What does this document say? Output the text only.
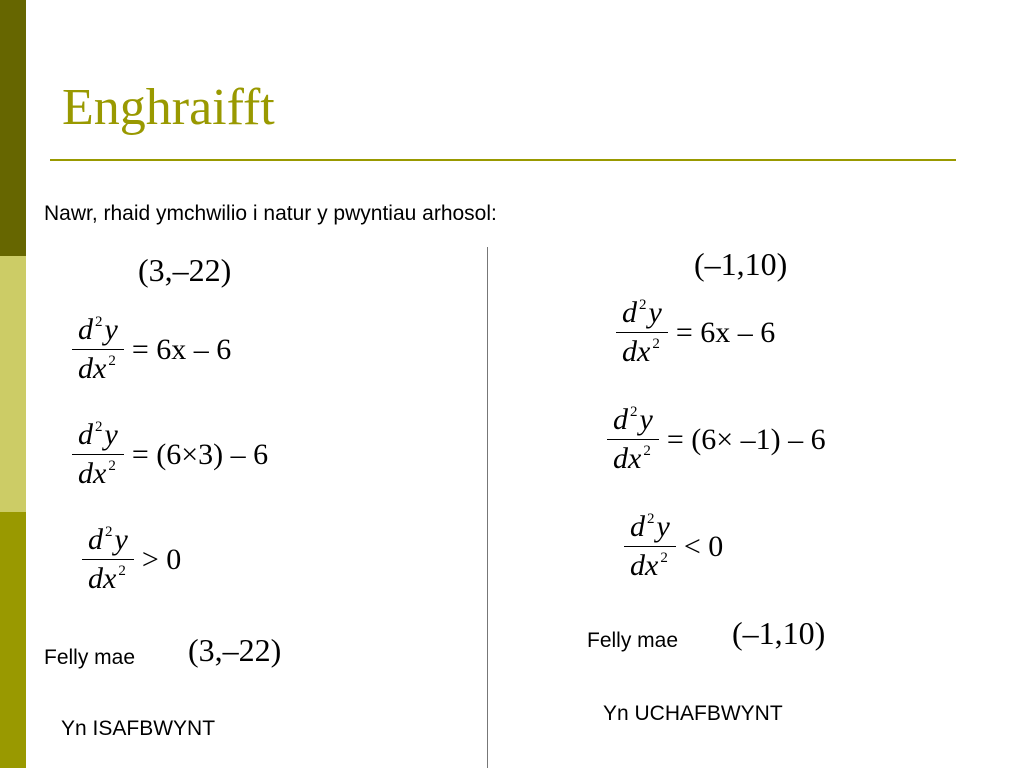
Enghraifft
Nawr, rhaid ymchwilio i natur y pwyntiau arhosol:
(3,–22)
$\frac{d ^2y}{dx ^2} = 6x - 6$
$\frac{d ^2y}{dx ^2} = (6\times 3) - 6$
$\frac{d ^2y}{dx ^2} > 0$
Felly mae (3,–22)
Yn ISAFBWYNT
(–1,10)
$\frac{d ^2y}{dx ^2} = 6x - 6$
$\frac{d ^2y}{dx ^2} = (6\times -1) - 6$
$\frac{d ^2y}{dx ^2} < 0$
Felly mae (–1,10)
Yn UCHAFBWYNT
